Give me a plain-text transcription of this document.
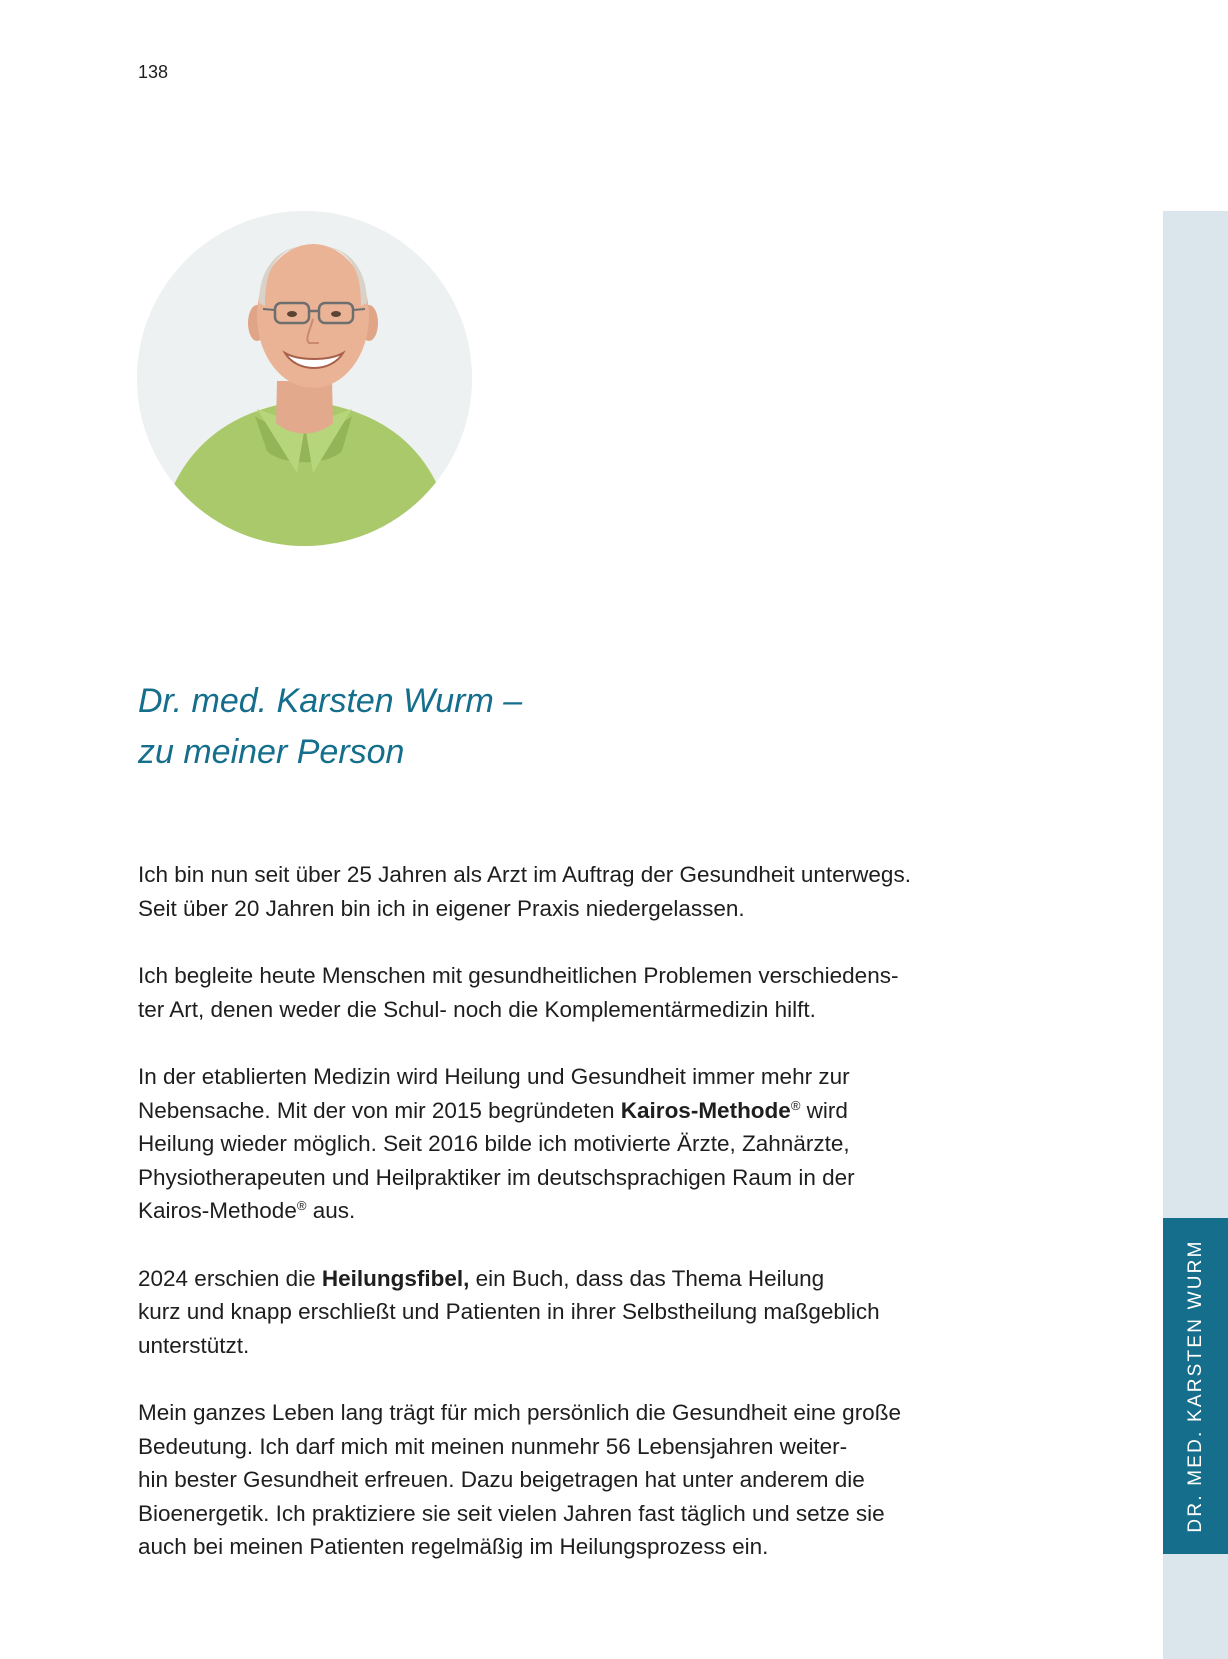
138
Dr. med. Karsten Wurm –
zu meiner Person

Ich bin nun seit über 25 Jahren als Arzt im Auftrag der Gesundheit unterwegs.
Seit über 20 Jahren bin ich in eigener Praxis niedergelassen.

Ich begleite heute Menschen mit gesundheitlichen Problemen verschiedens-
ter Art, denen weder die Schul- noch die Komplementärmedizin hilft.

In der etablierten Medizin wird Heilung und Gesundheit immer mehr zur
Nebensache. Mit der von mir 2015 begründeten Kairos-Methode® wird
Heilung wieder möglich. Seit 2016 bilde ich motivierte Ärzte, Zahnärzte,
Physiotherapeuten und Heilpraktiker im deutschsprachigen Raum in der
Kairos-Methode® aus.

2024 erschien die Heilungsfibel, ein Buch, dass das Thema Heilung
kurz und knapp erschließt und Patienten in ihrer Selbstheilung maßgeblich
unterstützt.

Mein ganzes Leben lang trägt für mich persönlich die Gesundheit eine große
Bedeutung. Ich darf mich mit meinen nunmehr 56 Lebensjahren weiter-
hin bester Gesundheit erfreuen. Dazu beigetragen hat unter anderem die
Bioenergetik. Ich praktiziere sie seit vielen Jahren fast täglich und setze sie
auch bei meinen Patienten regelmäßig im Heilungsprozess ein.

DR. MED. KARSTEN WURM
